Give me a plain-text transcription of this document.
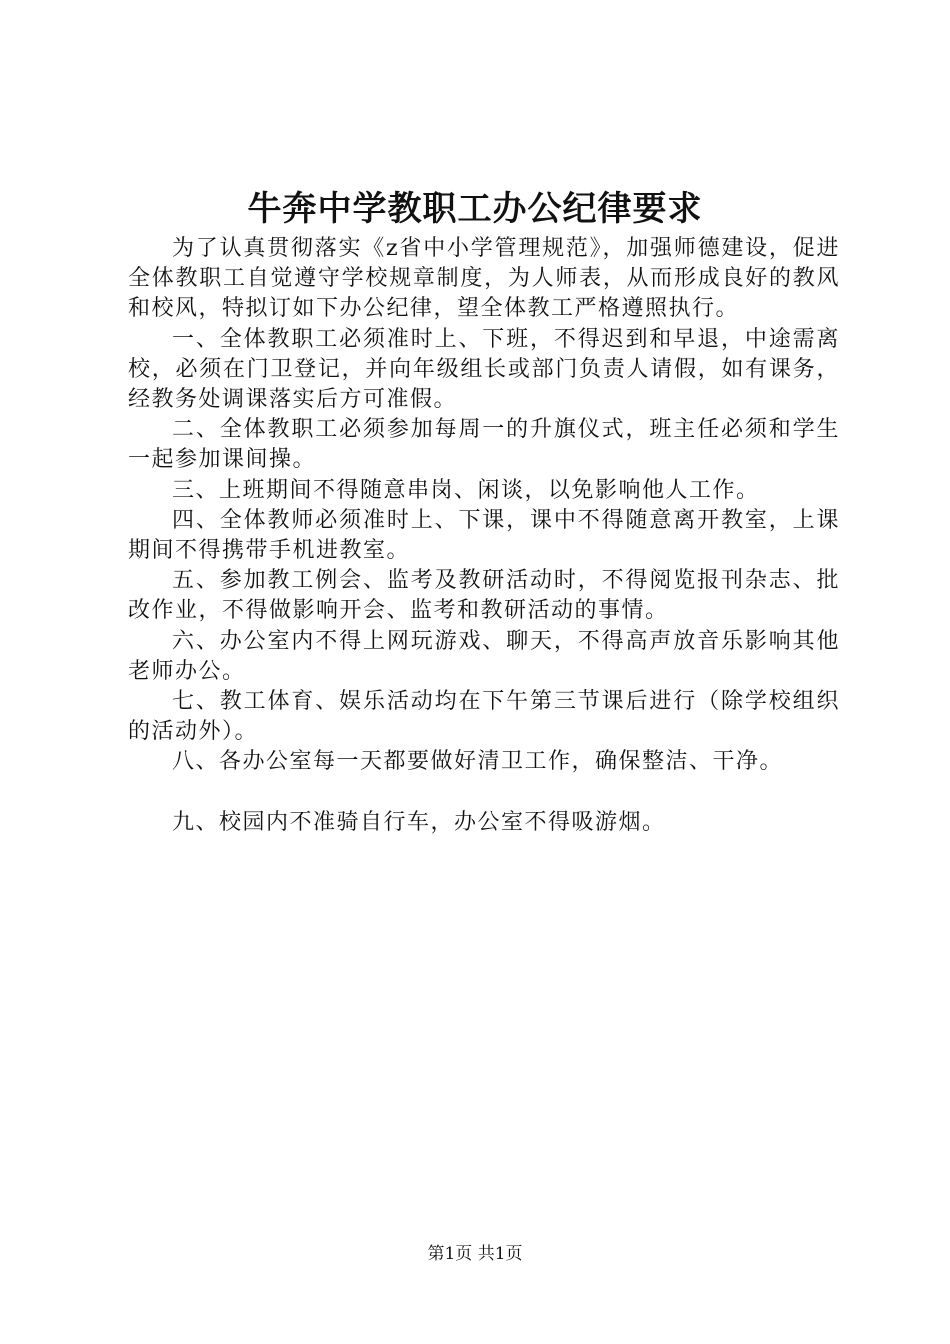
牛奔中学教职工办公纪律要求

为了认真贯彻落实《z省中小学管理规范》，加强师德建设，促进全体教职工自觉遵守学校规章制度，为人师表，从而形成良好的教风和校风，特拟订如下办公纪律，望全体教工严格遵照执行。

一、全体教职工必须准时上、下班，不得迟到和早退，中途需离校，必须在门卫登记，并向年级组长或部门负责人请假，如有课务，经教务处调课落实后方可准假。

二、全体教职工必须参加每周一的升旗仪式，班主任必须和学生一起参加课间操。

三、上班期间不得随意串岗、闲谈，以免影响他人工作。

四、全体教师必须准时上、下课，课中不得随意离开教室，上课期间不得携带手机进教室。

五、参加教工例会、监考及教研活动时，不得阅览报刊杂志、批改作业，不得做影响开会、监考和教研活动的事情。

六、办公室内不得上网玩游戏、聊天，不得高声放音乐影响其他老师办公。

七、教工体育、娱乐活动均在下午第三节课后进行（除学校组织的活动外）。

八、各办公室每一天都要做好清卫工作，确保整洁、干净。

九、校园内不准骑自行车，办公室不得吸游烟。

第1页 共1页
